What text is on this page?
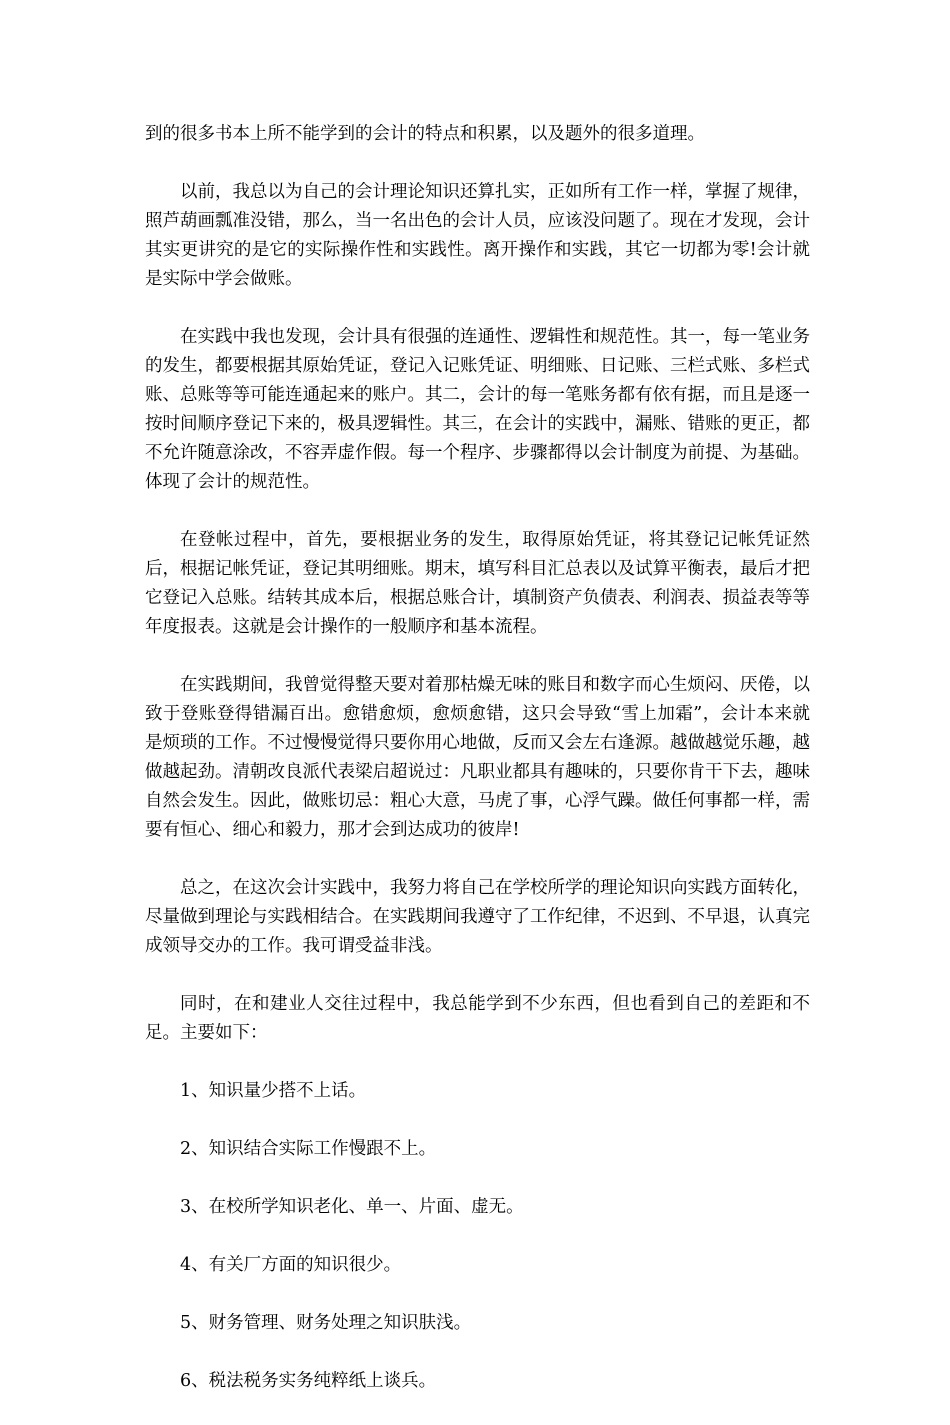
到的很多书本上所不能学到的会计的特点和积累，以及题外的很多道理。

以前，我总以为自己的会计理论知识还算扎实，正如所有工作一样，掌握了规律，照芦葫画瓢准没错，那么，当一名出色的会计人员，应该没问题了。现在才发现，会计其实更讲究的是它的实际操作性和实践性。离开操作和实践，其它一切都为零!会计就是实际中学会做账。

在实践中我也发现，会计具有很强的连通性、逻辑性和规范性。其一，每一笔业务的发生，都要根据其原始凭证，登记入记账凭证、明细账、日记账、三栏式账、多栏式账、总账等等可能连通起来的账户。其二，会计的每一笔账务都有依有据，而且是逐一按时间顺序登记下来的，极具逻辑性。其三，在会计的实践中，漏账、错账的更正，都不允许随意涂改，不容弄虚作假。每一个程序、步骤都得以会计制度为前提、为基础。体现了会计的规范性。

在登帐过程中，首先，要根据业务的发生，取得原始凭证，将其登记记帐凭证然后，根据记帐凭证，登记其明细账。期末，填写科目汇总表以及试算平衡表，最后才把它登记入总账。结转其成本后，根据总账合计，填制资产负债表、利润表、损益表等等年度报表。这就是会计操作的一般顺序和基本流程。

在实践期间，我曾觉得整天要对着那枯燥无味的账目和数字而心生烦闷、厌倦，以致于登账登得错漏百出。愈错愈烦，愈烦愈错，这只会导致“雪上加霜”，会计本来就是烦琐的工作。不过慢慢觉得只要你用心地做，反而又会左右逢源。越做越觉乐趣，越做越起劲。清朝改良派代表梁启超说过：凡职业都具有趣味的，只要你肯干下去，趣味自然会发生。因此，做账切忌：粗心大意，马虎了事，心浮气躁。做任何事都一样，需要有恒心、细心和毅力，那才会到达成功的彼岸!

总之，在这次会计实践中，我努力将自己在学校所学的理论知识向实践方面转化，尽量做到理论与实践相结合。在实践期间我遵守了工作纪律，不迟到、不早退，认真完成领导交办的工作。我可谓受益非浅。

同时，在和建业人交往过程中，我总能学到不少东西，但也看到自己的差距和不足。主要如下：

1、知识量少搭不上话。

2、知识结合实际工作慢跟不上。

3、在校所学知识老化、单一、片面、虚无。

4、有关厂方面的知识很少。

5、财务管理、财务处理之知识肤浅。

6、税法税务实务纯粹纸上谈兵。
